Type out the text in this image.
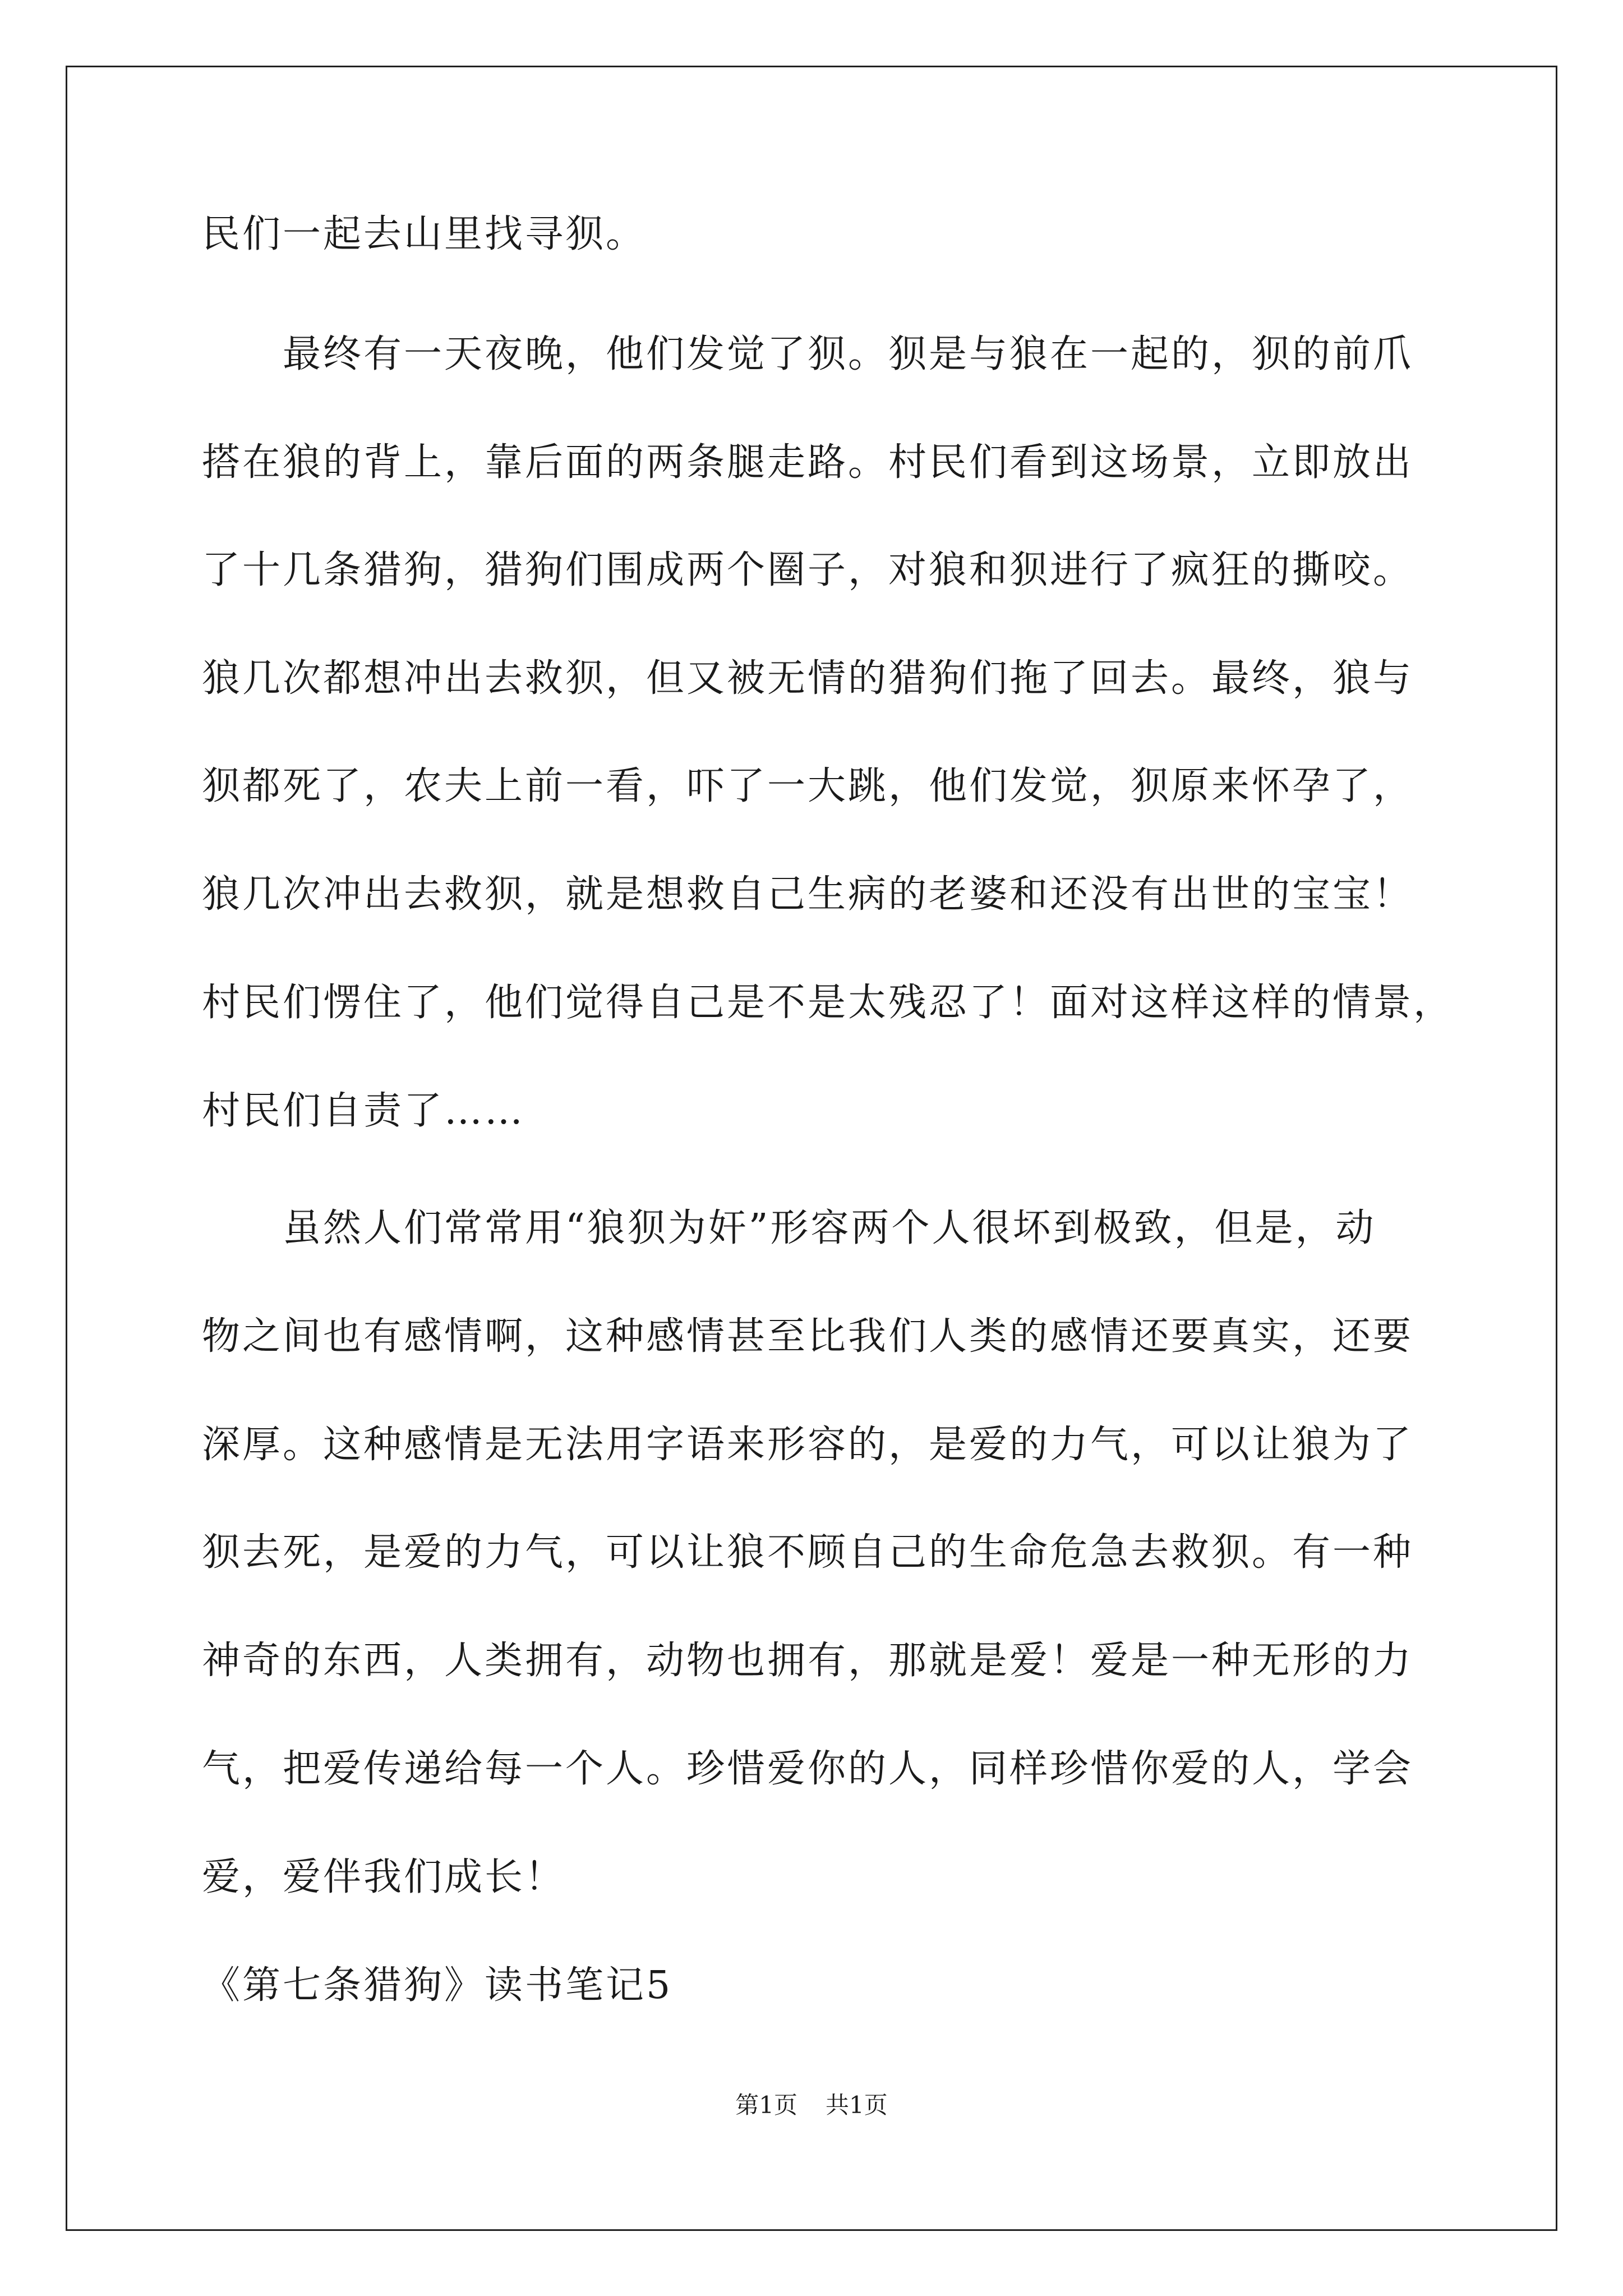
民们一起去山里找寻狈。
　　最终有一天夜晚，他们发觉了狈。狈是与狼在一起的，狈的前爪
搭在狼的背上，靠后面的两条腿走路。村民们看到这场景，立即放出
了十几条猎狗，猎狗们围成两个圈子，对狼和狈进行了疯狂的撕咬。
狼几次都想冲出去救狈，但又被无情的猎狗们拖了回去。最终，狼与
狈都死了，农夫上前一看，吓了一大跳，他们发觉，狈原来怀孕了，
狼几次冲出去救狈，就是想救自己生病的老婆和还没有出世的宝宝！
村民们愣住了，他们觉得自己是不是太残忍了！面对这样这样的情景，
村民们自责了……
　　虽然人们常常用“狼狈为奸”形容两个人很坏到极致，但是，动
物之间也有感情啊，这种感情甚至比我们人类的感情还要真实，还要
深厚。这种感情是无法用字语来形容的，是爱的力气，可以让狼为了
狈去死，是爱的力气，可以让狼不顾自己的生命危急去救狈。有一种
神奇的东西，人类拥有，动物也拥有，那就是爱！爱是一种无形的力
气，把爱传递给每一个人。珍惜爱你的人，同样珍惜你爱的人，学会
爱，爱伴我们成长！
《第七条猎狗》读书笔记5
第1页 共1页
